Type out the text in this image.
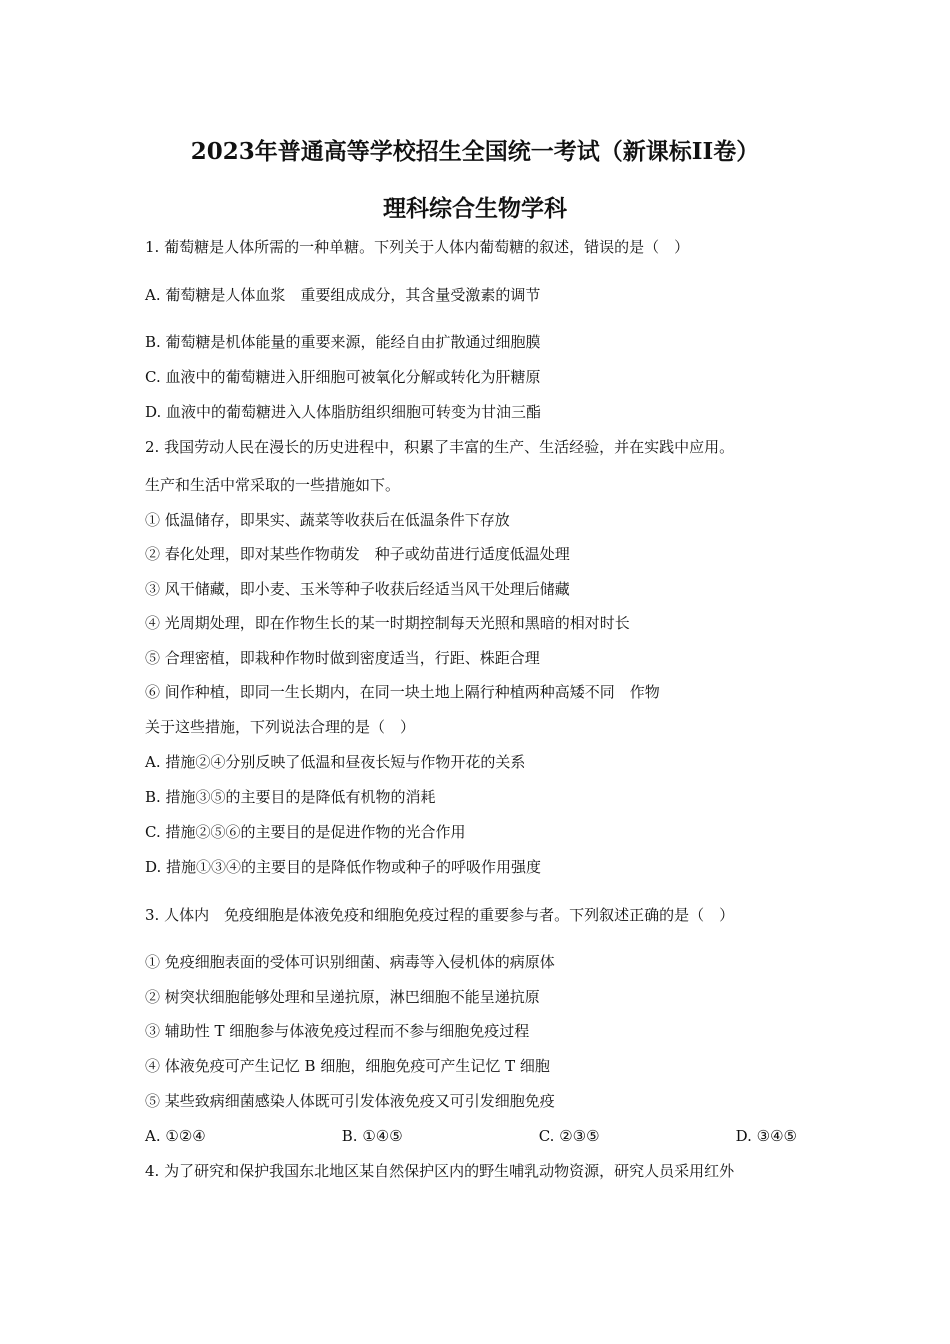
2023年普通高等学校招生全国统一考试（新课标II卷）
理科综合生物学科

1. 葡萄糖是人体所需的一种单糖。下列关于人体内葡萄糖的叙述，错误的是（　）

A. 葡萄糖是人体血浆　重要组成成分，其含量受激素的调节

B. 葡萄糖是机体能量的重要来源，能经自由扩散通过细胞膜

C. 血液中的葡萄糖进入肝细胞可被氧化分解或转化为肝糖原

D. 血液中的葡萄糖进入人体脂肪组织细胞可转变为甘油三酯

2. 我国劳动人民在漫长的历史进程中，积累了丰富的生产、生活经验，并在实践中应用。

生产和生活中常采取的一些措施如下。

① 低温储存，即果实、蔬菜等收获后在低温条件下存放

② 春化处理，即对某些作物萌发　种子或幼苗进行适度低温处理

③ 风干储藏，即小麦、玉米等种子收获后经适当风干处理后储藏

④ 光周期处理，即在作物生长的某一时期控制每天光照和黑暗的相对时长

⑤ 合理密植，即栽种作物时做到密度适当，行距、株距合理

⑥ 间作种植，即同一生长期内，在同一块土地上隔行种植两种高矮不同　作物

关于这些措施，下列说法合理的是（　）

A. 措施②④分别反映了低温和昼夜长短与作物开花的关系

B. 措施③⑤的主要目的是降低有机物的消耗

C. 措施②⑤⑥的主要目的是促进作物的光合作用

D. 措施①③④的主要目的是降低作物或种子的呼吸作用强度

3. 人体内　免疫细胞是体液免疫和细胞免疫过程的重要参与者。下列叙述正确的是（　）

① 免疫细胞表面的受体可识别细菌、病毒等入侵机体的病原体

② 树突状细胞能够处理和呈递抗原，淋巴细胞不能呈递抗原

③ 辅助性 T 细胞参与体液免疫过程而不参与细胞免疫过程

④ 体液免疫可产生记忆 B 细胞，细胞免疫可产生记忆 T 细胞

⑤ 某些致病细菌感染人体既可引发体液免疫又可引发细胞免疫

A. ①②④	B. ①④⑤	C. ②③⑤	D. ③④⑤

4. 为了研究和保护我国东北地区某自然保护区内的野生哺乳动物资源，研究人员采用红外
